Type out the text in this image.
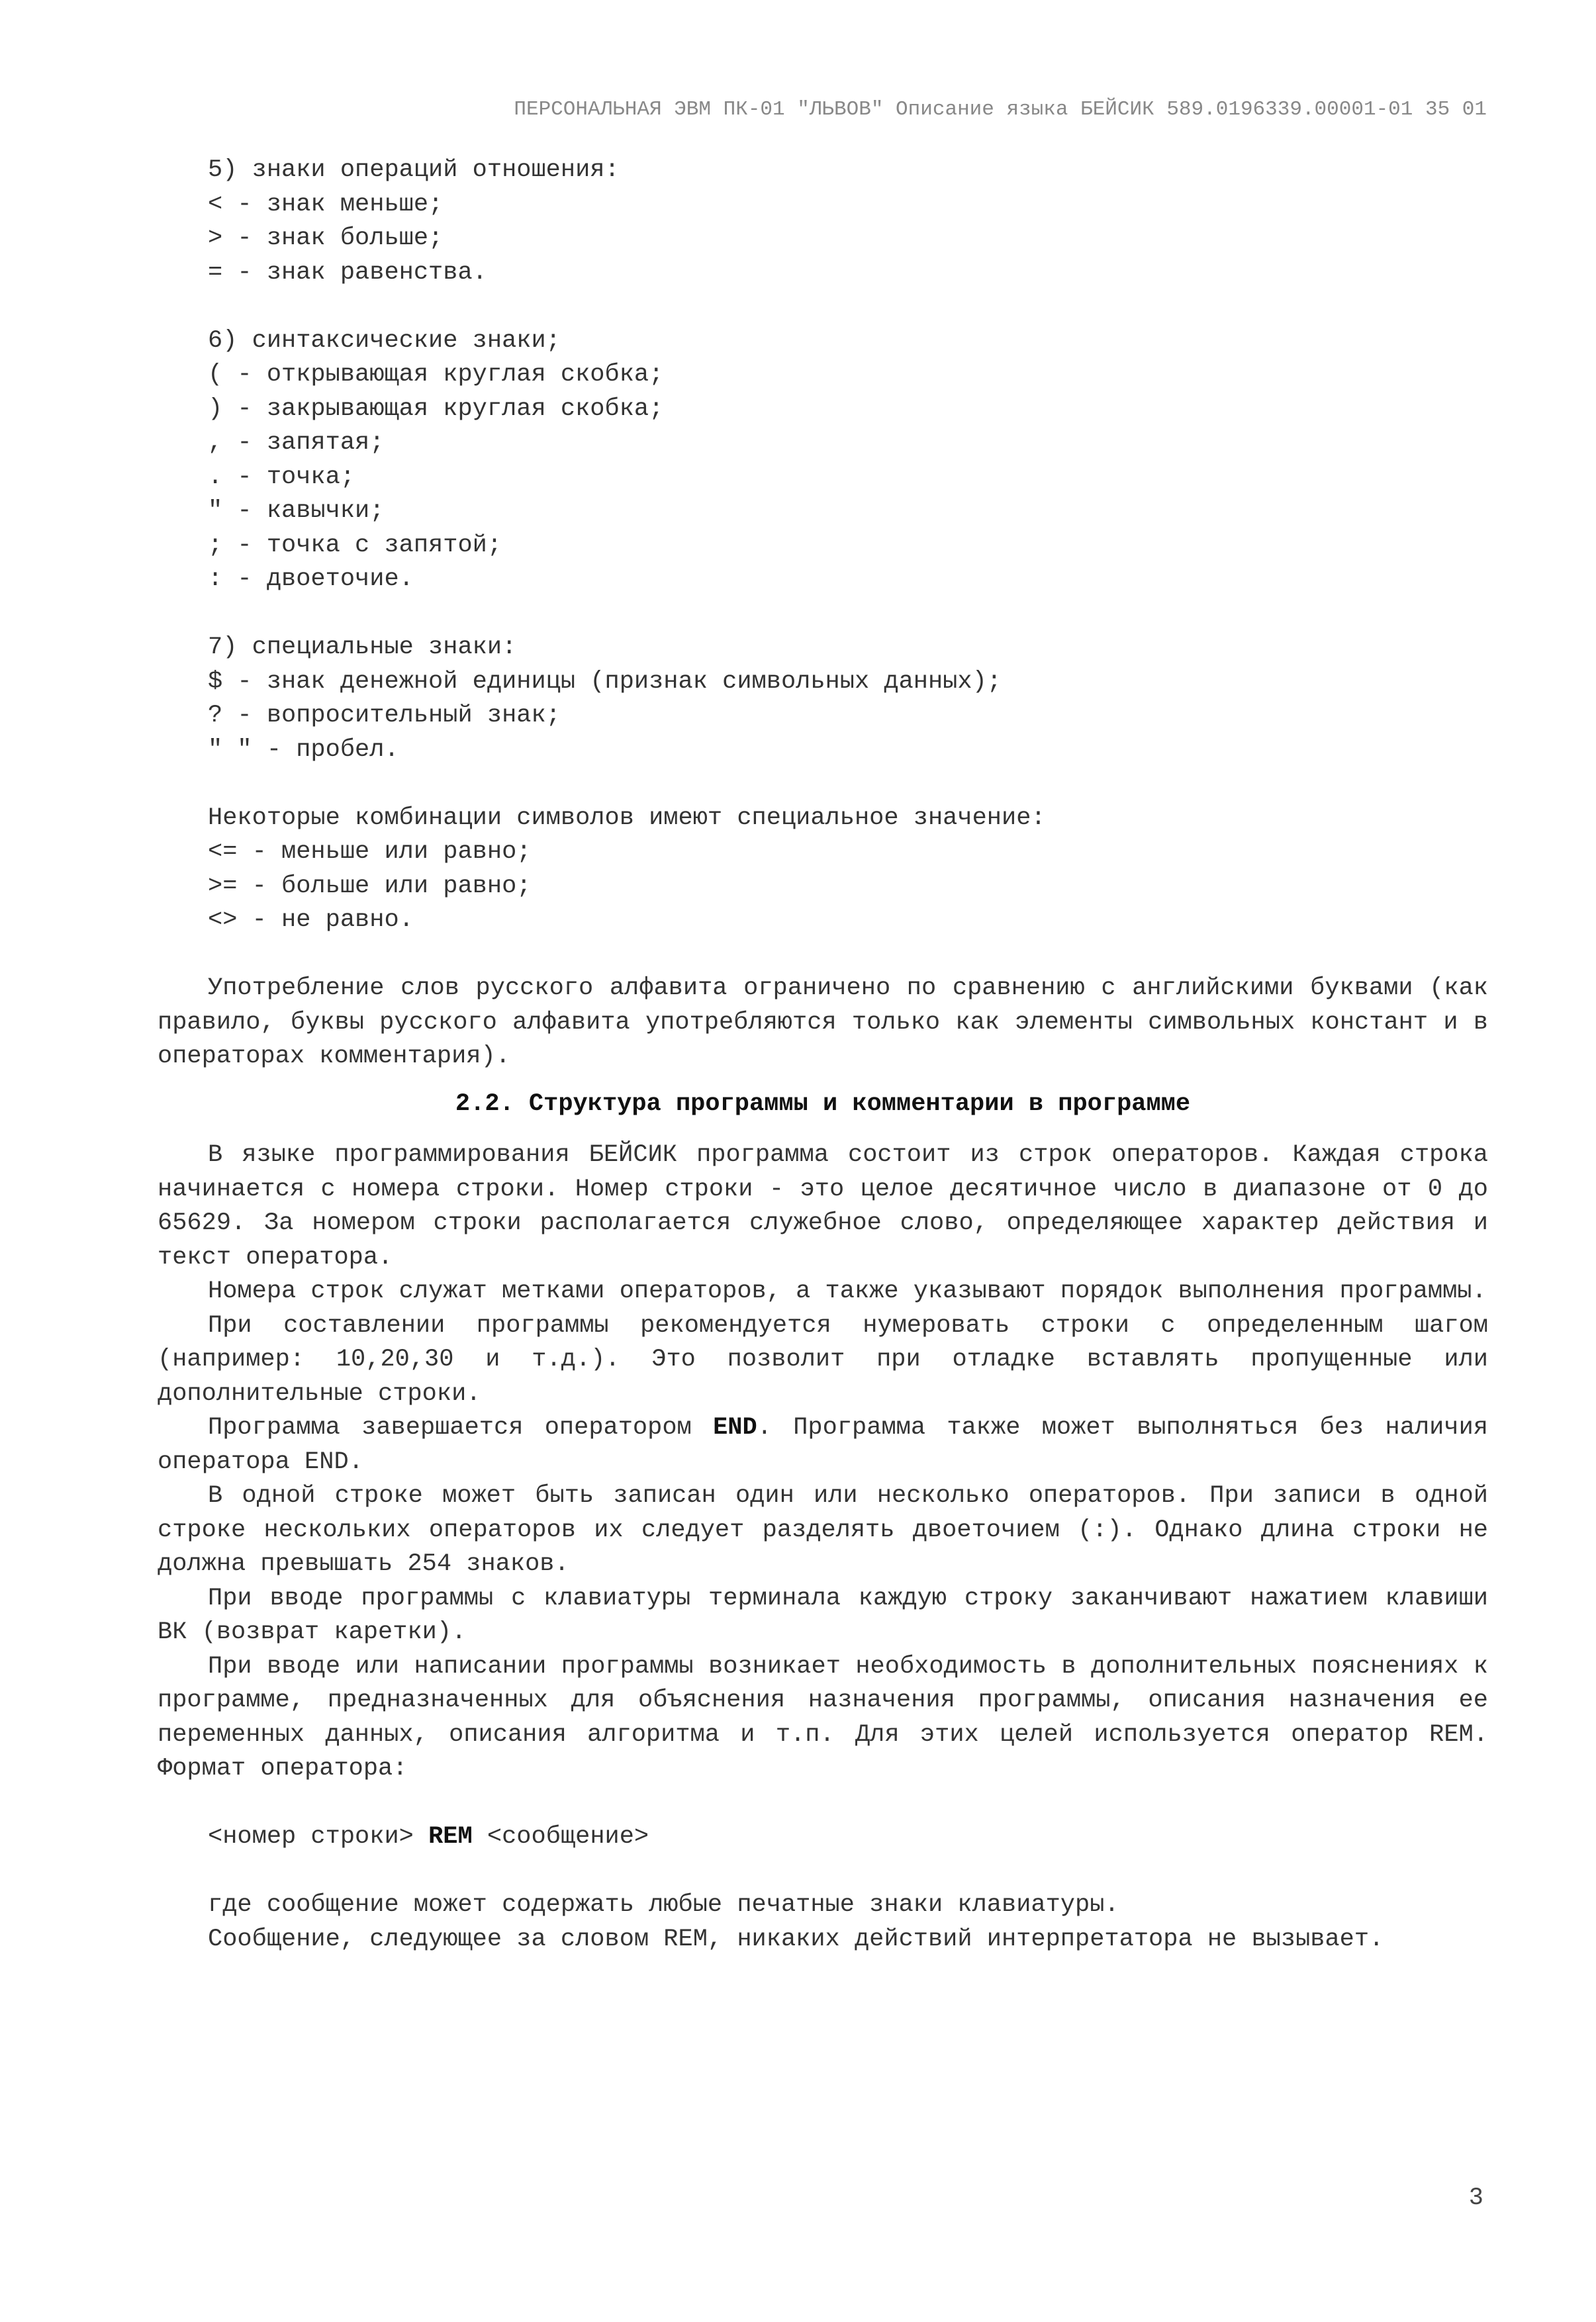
ПЕРСОНАЛЬНАЯ ЭВМ ПК-01 "ЛЬВОВ" Описание языка БЕЙСИК 589.0196339.00001-01 35 01
5) знаки операций отношения:
< - знак меньше;
> - знак больше;
= - знак равенства.
6) синтаксические знаки;
( - открывающая круглая скобка;
) - закрывающая круглая скобка;
, - запятая;
. - точка;
" - кавычки;
; - точка с запятой;
: - двоеточие.
7) специальные знаки:
$ - знак денежной единицы (признак символьных данных);
? - вопросительный знак;
" " - пробел.
Некоторые комбинации символов имеют специальное значение:
<= - меньше или равно;
>= - больше или равно;
<> - не равно.
Употребление слов русского алфавита ограничено по сравнению с английскими буквами (как правило, буквы русского алфавита употребляются только как элементы символьных констант и в операторах комментария).
2.2. Структура программы и комментарии в программе
В языке программирования БЕЙСИК программа состоит из строк операторов. Каждая строка начинается с номера строки. Номер строки - это целое десятичное число в диапазоне от 0 до 65629. За номером строки располагается служебное слово, определяющее характер действия и текст оператора.
Номера строк служат метками операторов, а также указывают порядок выполнения программы.
При составлении программы рекомендуется нумеровать строки с определенным шагом (например: 10,20,30 и т.д.). Это позволит при отладке вставлять пропущенные или дополнительные строки.
Программа завершается оператором END. Программа также может выполняться без наличия оператора END.
В одной строке может быть записан один или несколько операторов. При записи в одной строке нескольких операторов их следует разделять двоеточием (:). Однако длина строки не должна превышать 254 знаков.
При вводе программы с клавиатуры терминала каждую строку заканчивают нажатием клавиши ВК (возврат каретки).
При вводе или написании программы возникает необходимость в дополнительных пояснениях к программе, предназначенных для объяснения назначения программы, описания назначения ее переменных данных, описания алгоритма и т.п. Для этих целей используется оператор REM. Формат оператора:
<номер строки> REM <сообщение>
где сообщение может содержать любые печатные знаки клавиатуры.
Сообщение, следующее за словом REM, никаких действий интерпретатора не вызывает.
3
